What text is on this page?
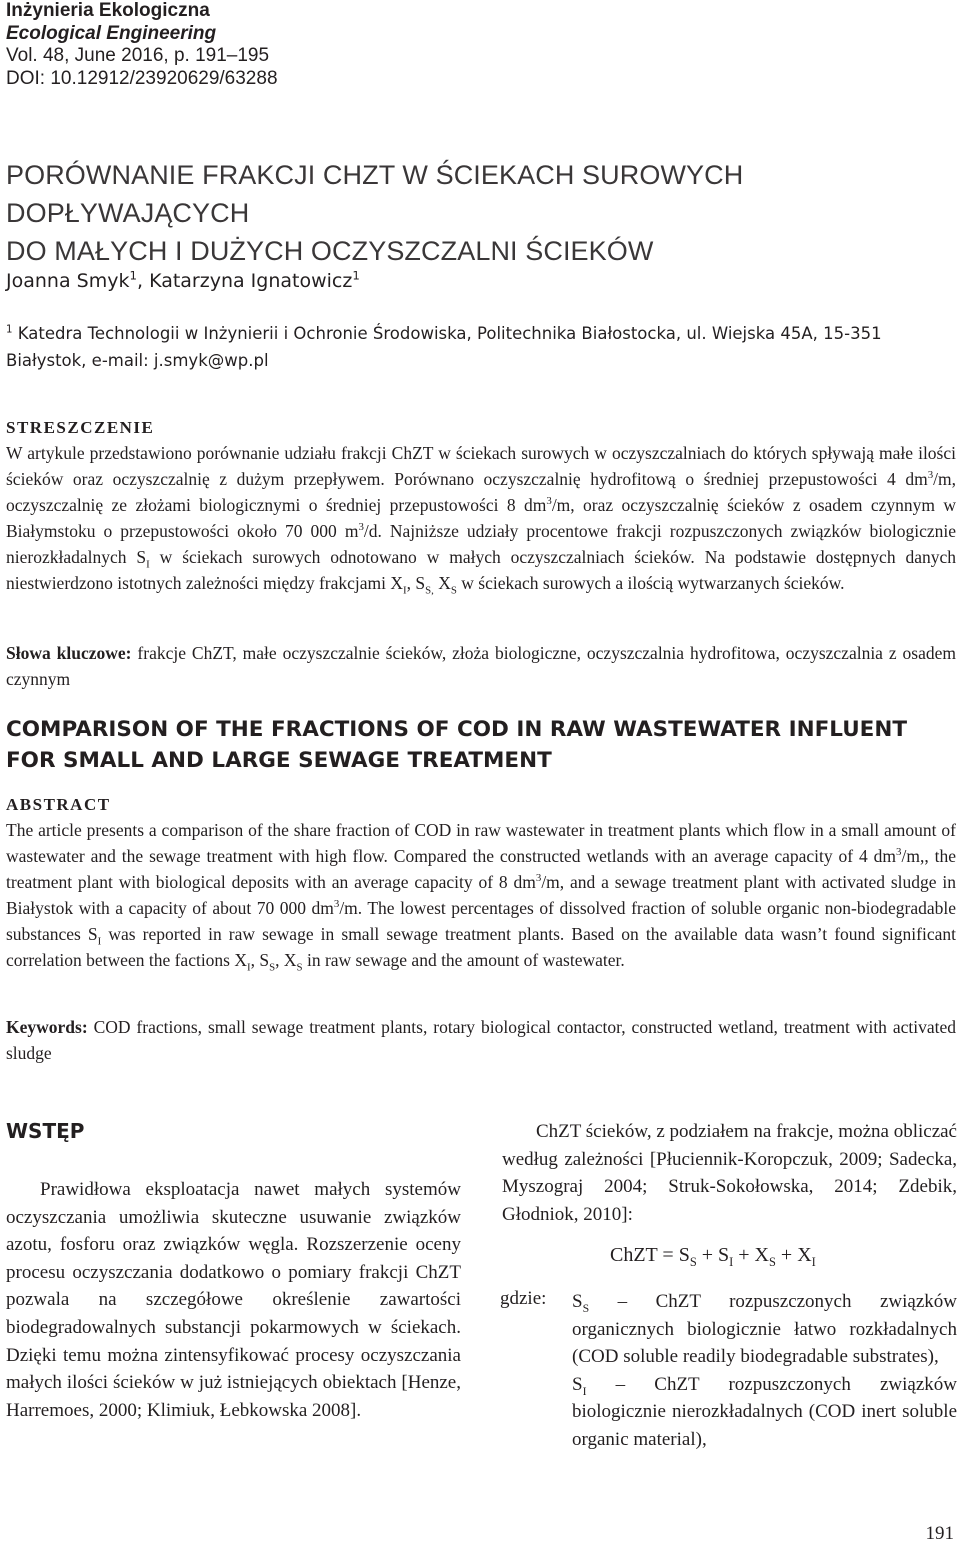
Inżynieria Ekologiczna
Ecological Engineering
Vol. 48, June 2016, p. 191–195
DOI: 10.12912/23920629/63288
PORÓWNANIE FRAKCJI CHZT W ŚCIEKACH SUROWYCH DOPŁYWAJĄCYCH
DO MAŁYCH I DUŻYCH OCZYSZCZALNI ŚCIEKÓW
Joanna Smyk$^1$, Katarzyna Ignatowicz$^1$
$^1$ Katedra Technologii w Inżynierii i Ochronie Środowiska, Politechnika Białostocka, ul. Wiejska 45A, 15-351 Białystok, e-mail: j.smyk@wp.pl
STRESZCZENIE
W artykule przedstawiono porównanie udziału frakcji ChZT w ściekach surowych w oczyszczalniach do których spływają małe ilości ścieków oraz oczyszczalnię z dużym przepływem. Porównano oczyszczalnię hydrofitową o średniej przepustowości 4 $dm^3/m$, oczyszczalnię ze złożami biologicznymi o średniej przepustowości 8 $dm^3/m$, oraz oczyszczalnię ścieków z osadem czynnym w Białymstoku o przepustowości około 70 000 $m^3/d$. Najniższe udziały procentowe frakcji rozpuszczonych związków biologicznie nierozkładalnych $S_I$ w ściekach surowych odnotowano w małych oczyszczalniach ścieków. Na podstawie dostępnych danych niestwierdzono istotnych zależności między frakcjami $X_I$, $S_{S,}$ $X_S$ w ściekach surowych a ilością wytwarzanych ścieków.
Słowa kluczowe: frakcje ChZT, małe oczyszczalnie ścieków, złoża biologiczne, oczyszczalnia hydrofitowa, oczyszczalnia z osadem czynnym
COMPARISON OF THE FRACTIONS OF COD IN RAW WASTEWATER INFLUENT
FOR SMALL AND LARGE SEWAGE TREATMENT
ABSTRACT
The article presents a comparison of the share fraction of COD in raw wastewater in treatment plants which flow in a small amount of wastewater and the sewage treatment with high flow. Compared the constructed wetlands with an average capacity of 4 $dm^3/m$,, the treatment plant with biological deposits with an average capacity of 8 $dm^3/m$, and a sewage treatment plant with activated sludge in Białystok with a capacity of about 70 000 $dm^3/m$. The lowest percentages of dissolved fraction of soluble organic non-biodegradable substances $S_I$ was reported in raw sewage in small sewage treatment plants. Based on the available data wasn’t found significant correlation between the factions $X_I$, $S_S$, $X_S$ in raw sewage and the amount of wastewater.
Keywords: COD fractions, small sewage treatment plants, rotary biological contactor, constructed wetland, treatment with activated sludge
WSTĘP

Prawidłowa eksploatacja nawet małych systemów oczyszczania umożliwia skuteczne usuwanie związków azotu, fosforu oraz związków węgla. Rozszerzenie oceny procesu oczyszczania dodatkowo o pomiary frakcji ChZT pozwala na szczegółowe określenie zawartości biodegradowalnych substancji pokarmowych w ściekach. Dzięki temu można zintensyfikować procesy oczyszczania małych ilości ścieków w już istniejących obiektach [Henze, Harremoes, 2000; Klimiuk, Łebkowska 2008].

ChZT ścieków, z podziałem na frakcje, można obliczać według zależności [Płuciennik-Koropczuk, 2009; Sadecka, Myszograj 2004; Struk-Sokołowska, 2014; Zdebik, Głodniok, 2010]:

ChZT = $S_S + S_I + X_S + X_I$
gdzie: $S_S$ – ChZT rozpuszczonych związków organicznych biologicznie łatwo rozkładalnych (COD soluble readily biodegradable substrates),

$S_I$ – ChZT rozpuszczonych związków biologicznie nierozkładalnych (COD inert soluble organic material),

191
